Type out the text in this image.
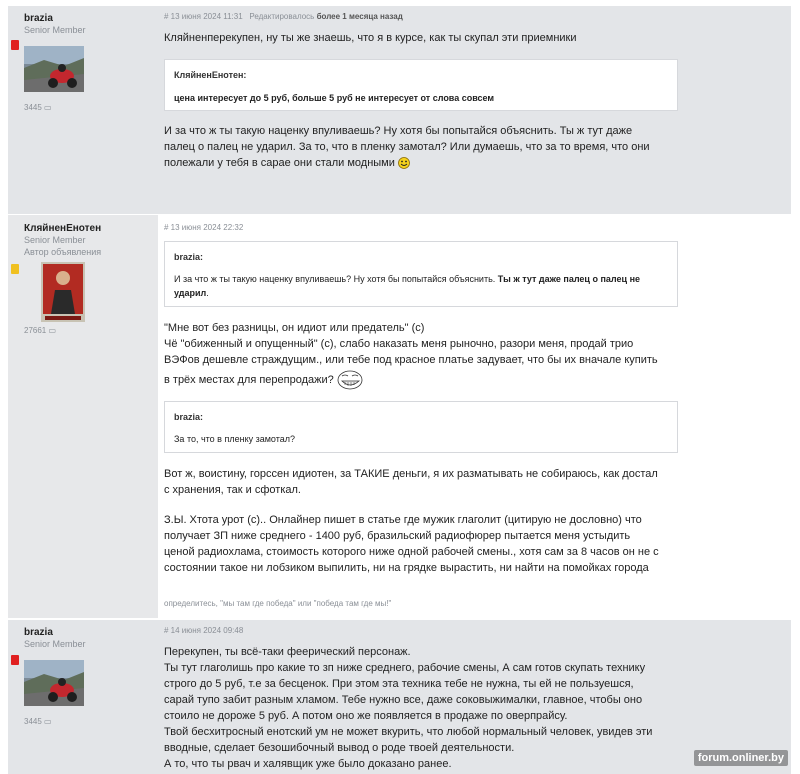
brazia
Senior Member
3445 ▭
# 13 июня 2024 11:31 Редактировалось более 1 месяца назад
Кляйненперекупен, ну ты же знаешь, что я в курсе, как ты скупал эти приемники
КляйненЕнотен:
цена интересует до 5 руб, больше 5 руб не интересует от слова совсем
И за что ж ты такую наценку впуливаешь? Ну хотя бы попытайся объяснить. Ты ж тут даже
палец о палец не ударил. За то, что в пленку замотал? Или думаешь, что за то время, что они
полежали у тебя в сарае они стали модными
КляйненЕнотен
Senior Member
Автор объявления
27661 ▭
# 13 июня 2024 22:32
brazia:
И за что ж ты такую наценку впуливаешь? Ну хотя бы попытайся объяснить. Ты ж тут даже палец о палец не ударил.
"Мне вот без разницы, он идиот или предатель" (с)
Чё "обиженный и опущенный" (с), слабо наказать меня рыночно, разори меня, продай трио
ВЭФов дешевле страждущим., или тебе под красное платье задувает, что бы их вначале купить
в трёх местах для перепродажи?
brazia:
За то, что в пленку замотал?
Вот ж, воистину, горссен идиотен, за ТАКИЕ деньги, я их разматывать не собираюсь, как достал
с хранения, так и сфоткал.
З.Ы. Хтота урот (с).. Онлайнер пишет в статье где мужик глаголит (цитирую не дословно) что
получает ЗП ниже среднего - 1400 руб, бразильский радиофюрер пытается меня устыдить
ценой радиохлама, стоимость которого ниже одной рабочей смены., хотя сам за 8 часов он не с
состоянии такое ни лобзиком выпилить, ни на грядке вырастить, ни найти на помойках города
определитесь, "мы там где победа" или "победа там где мы!"
brazia
Senior Member
3445 ▭
# 14 июня 2024 09:48
Перекупен, ты всё-таки феерический персонаж.
Ты тут глаголишь про какие то зп ниже среднего, рабочие смены, А сам готов скупать технику
строго до 5 руб, т.е за бесценок. При этом эта техника тебе не нужна, ты ей не пользуешся,
сарай тупо забит разным хламом. Тебе нужно все, даже соковыжималки, главное, чтобы оно
стоило не дороже 5 руб. А потом оно же появляется в продаже по оверпрайсу.
Твой бесхитросный енотский ум не может вкурить, что любой нормальный человек, увидев эти
вводные, сделает безошибочный вывод о роде твоей деятельности.
А то, что ты рвач и халявщик уже было доказано ранее.	forum.onliner.by
